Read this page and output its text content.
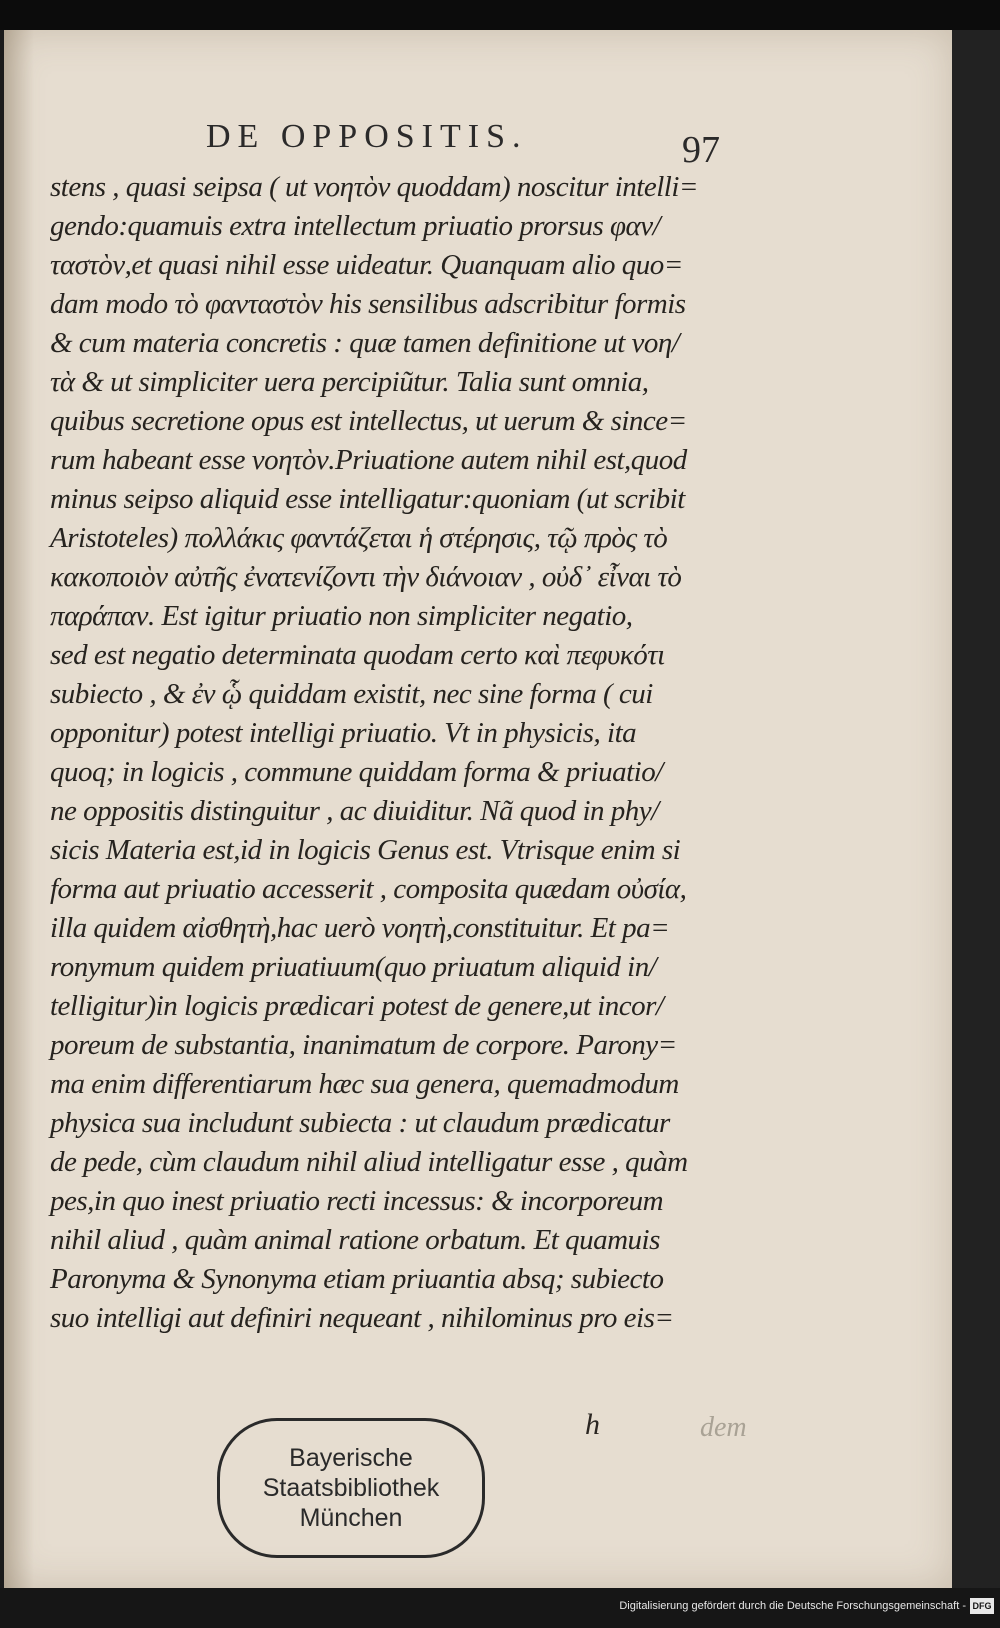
DE OPPOSITIS.	97
stens , quasi seipsa ( ut νοητὸν quoddam) noscitur intelli=
gendo:quamuis extra intellectum priuatio prorsus φαν/
ταστὸν,et quasi nihil esse uideatur. Quanquam alio quo=
dam modo τὸ φανταστὸν his sensilibus adscribitur formis
& cum materia concretis : quæ tamen definitione ut νοη/
τὰ & ut simpliciter uera percipiũtur. Talia sunt omnia,
quibus secretione opus est intellectus, ut uerum & since=
rum habeant esse νοητὸν.Priuatione autem nihil est,quod
minus seipso aliquid esse intelligatur:quoniam (ut scribit
Aristoteles) πολλάκις φαντάζεται ἡ στέρησις, τῷ πρὸς τὸ
κακοποιὸν αὐτῆς ἐνατενίζοντι τὴν διάνοιαν , οὐδ᾽ εἶναι τὸ
παράπαν. Est igitur priuatio non simpliciter negatio,
sed est negatio determinata quodam certo καὶ πεφυκότι
subiecto , & ἐν ᾧ quiddam existit, nec sine forma ( cui
opponitur) potest intelligi priuatio. Vt in physicis, ita
quoq; in logicis , commune quiddam forma & priuatio/
ne oppositis distinguitur , ac diuiditur. Nã quod in phy/
sicis Materia est,id in logicis Genus est. Vtrisque enim si
forma aut priuatio accesserit , composita quædam οὐσία,
illa quidem αἰσθητὴ,hac uerò νοητὴ,constituitur. Et pa=
ronymum quidem priuatiuum(quo priuatum aliquid in/
telligitur)in logicis prædicari potest de genere,ut incor/
poreum de substantia, inanimatum de corpore. Parony=
ma enim differentiarum hæc sua genera, quemadmodum
physica sua includunt subiecta : ut claudum prædicatur
de pede, cùm claudum nihil aliud intelligatur esse , quàm
pes,in quo inest priuatio recti incessus: & incorporeum
nihil aliud , quàm animal ratione orbatum. Et quamuis
Paronyma & Synonyma etiam priuantia absq; subiecto
suo intelligi aut definiri nequeant , nihilominus pro eis=
h	dem
Bayerische
Staatsbibliothek
München
Digitalisierung gefördert durch die Deutsche Forschungsgemeinschaft - DFG
